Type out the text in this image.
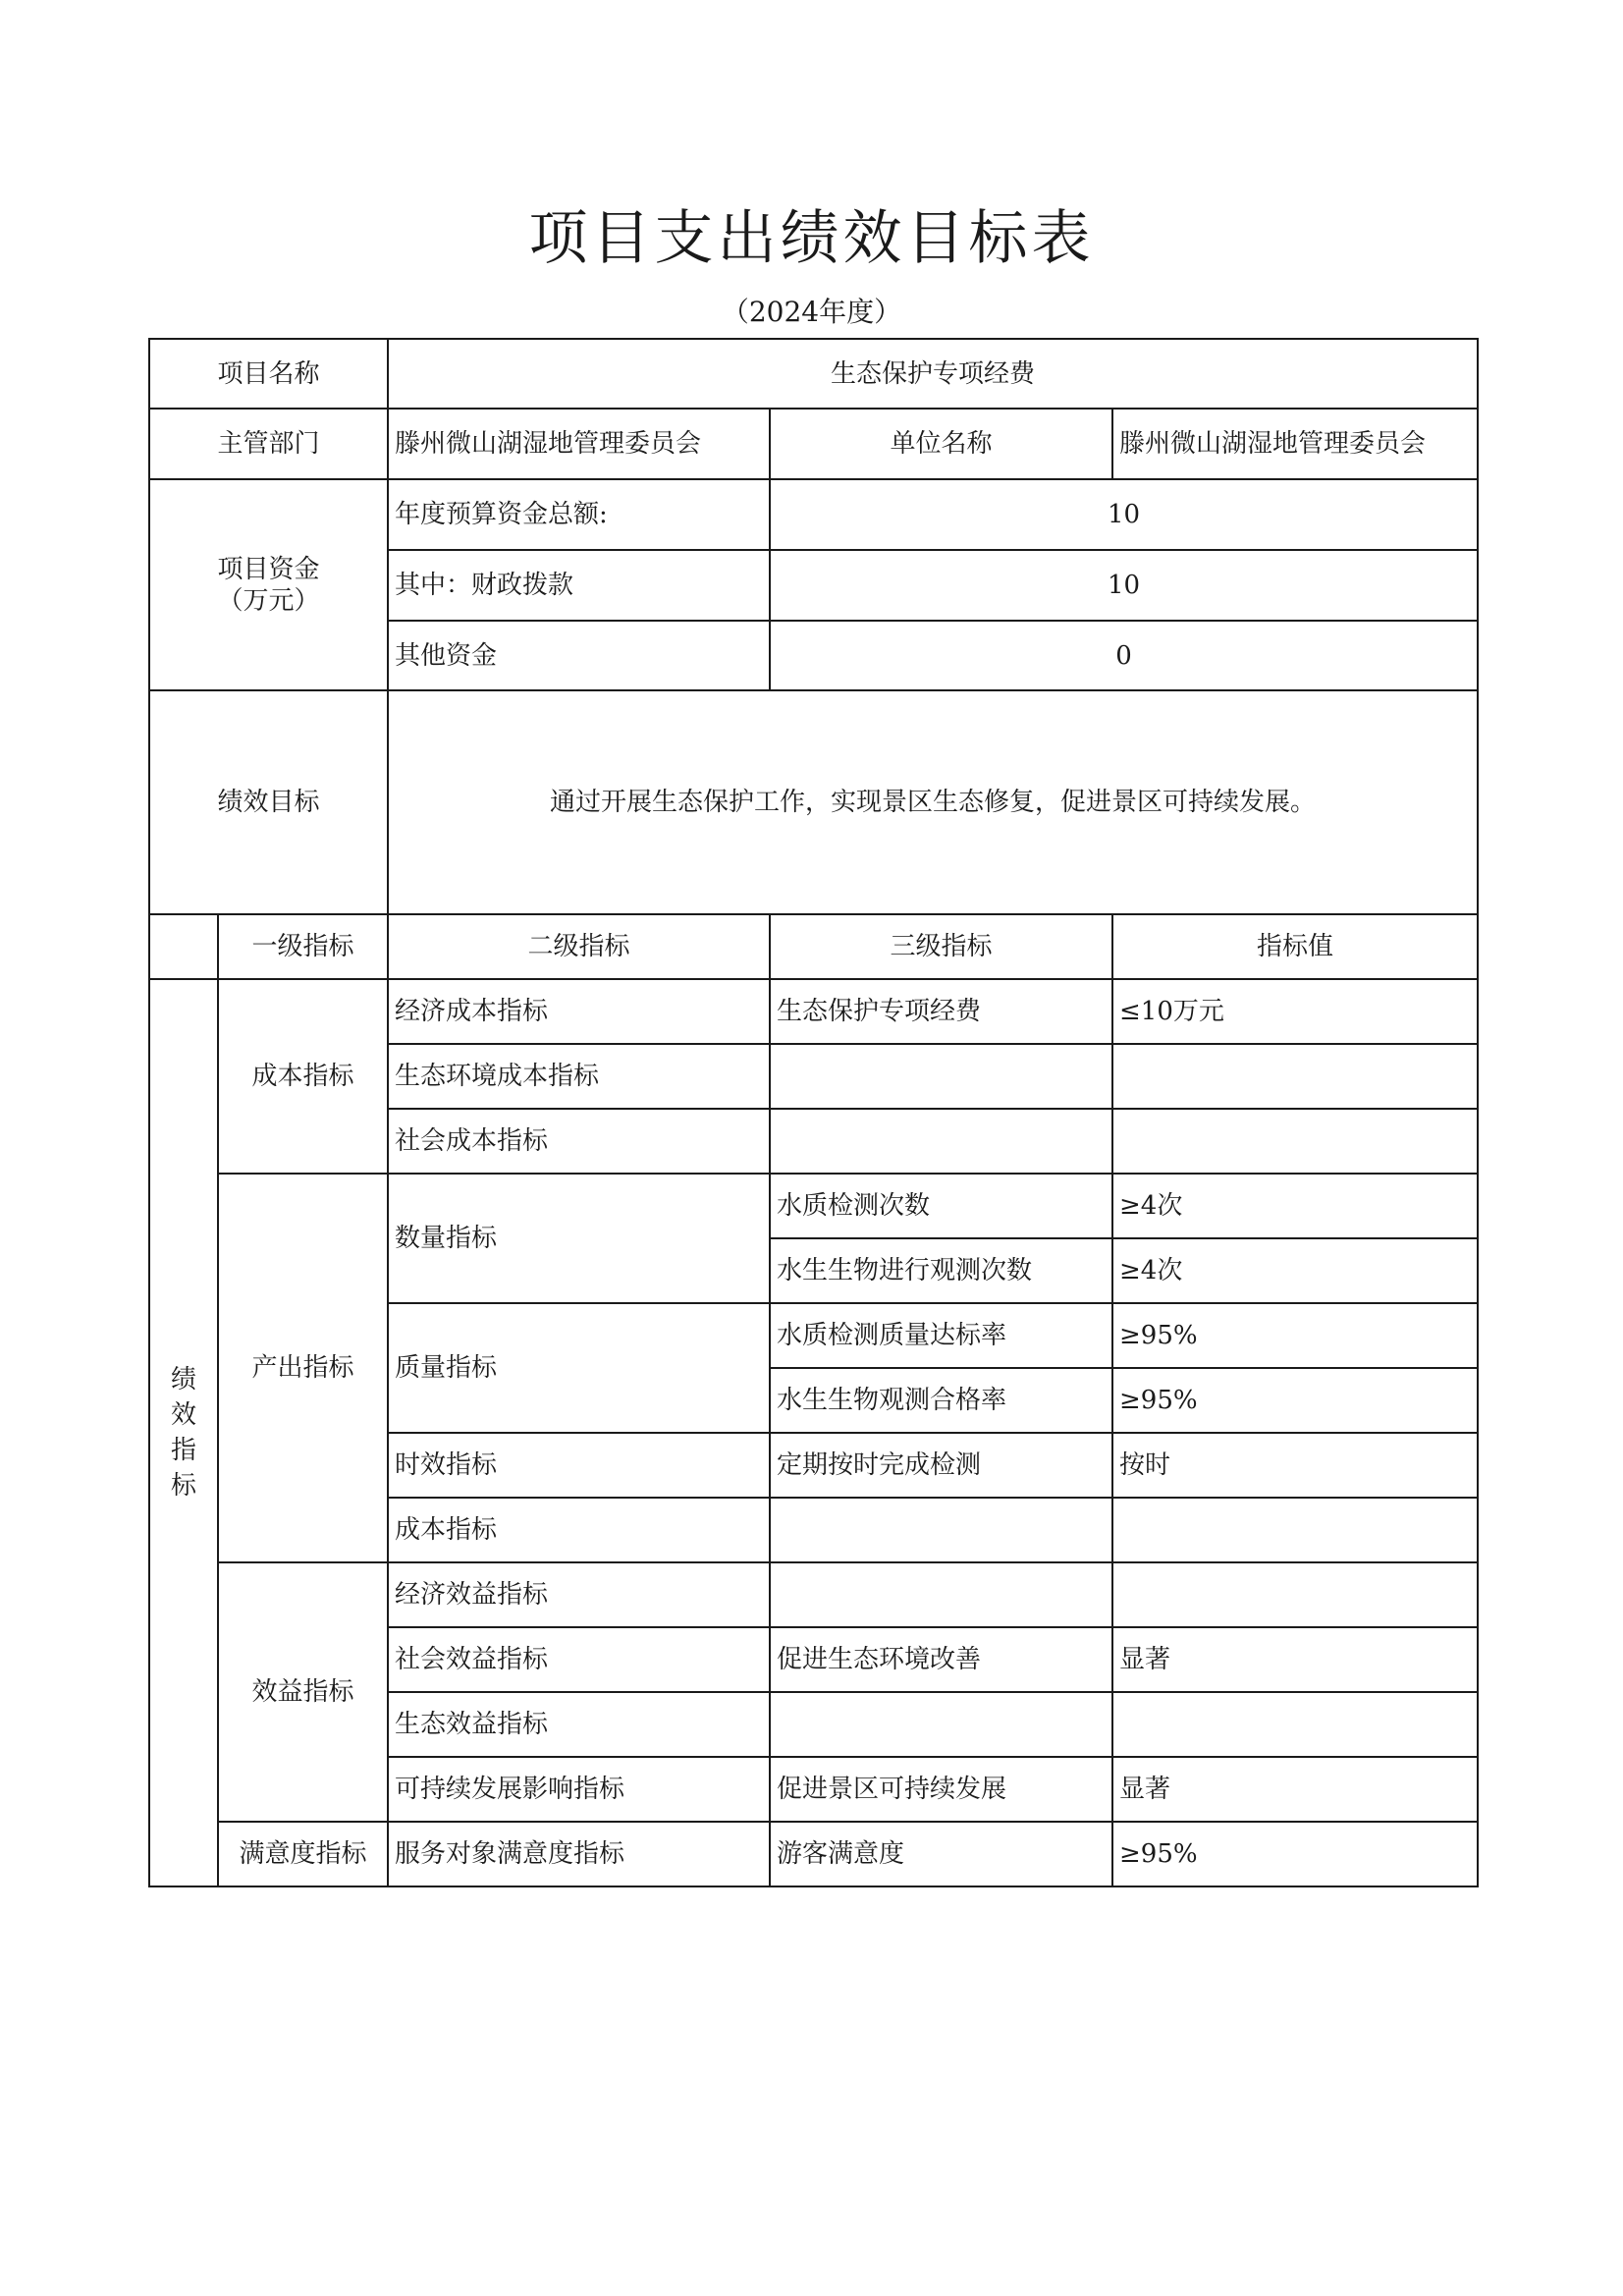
项目支出绩效目标表
（2024年度）
项目名称		生态保护专项经费		
主管部门		滕州微山湖湿地管理委员会	单位名称	滕州微山湖湿地管理委员会

项目资金
（万元）		年度预算资金总额:	10	
		其中：财政拨款	10	
		其他资金	0	
绩效目标		通过开展生态保护工作，实现景区生态修复，促进景区可持续发展。		
	一级指标	二级指标	三级指标	指标值

绩
效
指
标	成本指标	经济成本指标	生态保护专项经费	≤10万元
		生态环境成本指标		
		社会成本指标		
	产出指标	数量指标	水质检测次数	≥4次
			水生生物进行观测次数	≥4次
		质量指标	水质检测质量达标率	≥95%
			水生生物观测合格率	≥95%
		时效指标	定期按时完成检测	按时
		成本指标		
	效益指标	经济效益指标		
		社会效益指标	促进生态环境改善	显著
		生态效益指标		
		可持续发展影响指标	促进景区可持续发展	显著
	满意度指标	服务对象满意度指标	游客满意度	≥95%
